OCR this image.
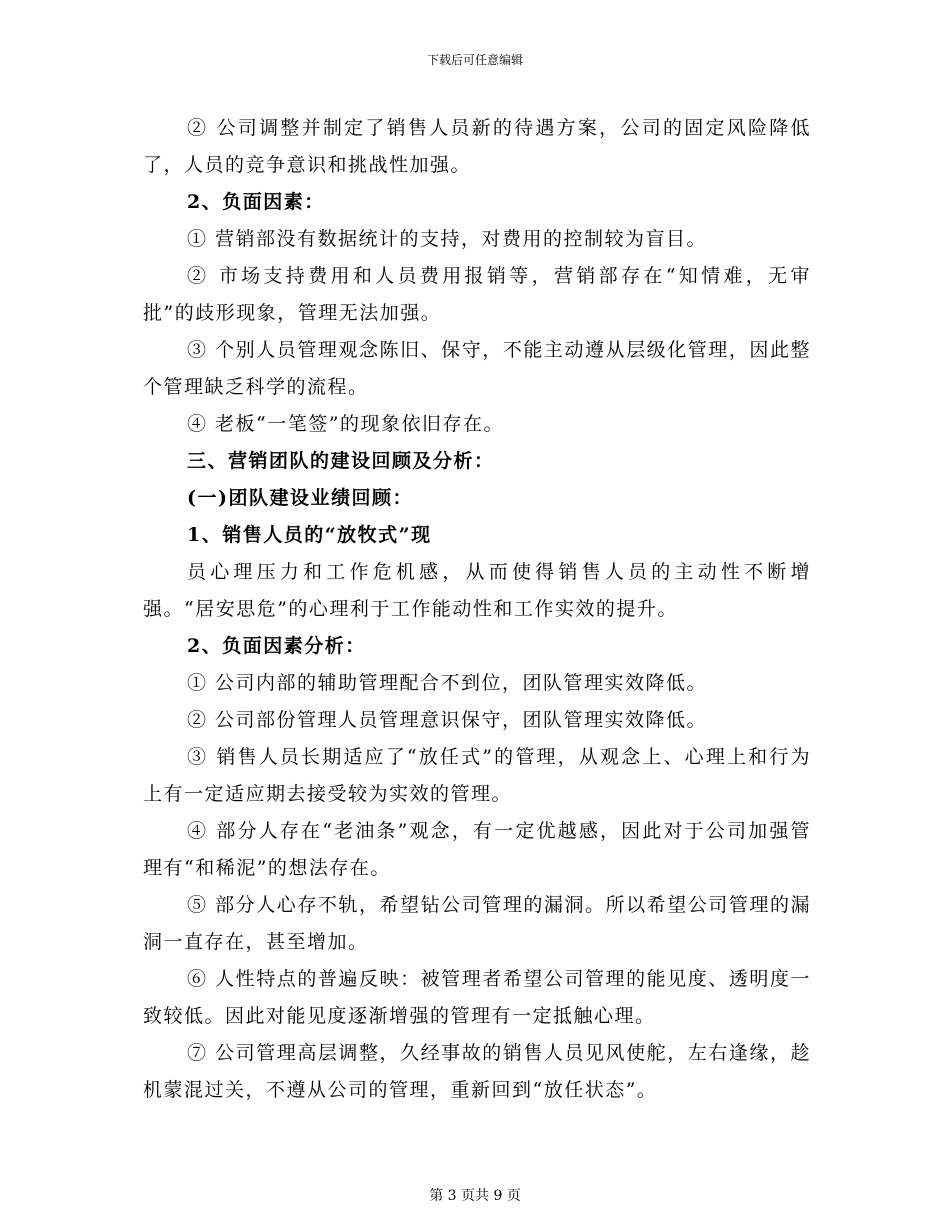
下载后可任意编辑

② 公司调整并制定了销售人员新的待遇方案，公司的固定风险降低了，人员的竞争意识和挑战性加强。

2、负面因素：

① 营销部没有数据统计的支持，对费用的控制较为盲目。

② 市场支持费用和人员费用报销等，营销部存在“知情难，无审批”的歧形现象，管理无法加强。

③ 个别人员管理观念陈旧、保守，不能主动遵从层级化管理，因此整个管理缺乏科学的流程。

④ 老板“一笔签”的现象依旧存在。

三、营销团队的建设回顾及分析：

(一)团队建设业绩回顾：

1、销售人员的“放牧式”现

员心理压力和工作危机感，从而使得销售人员的主动性不断增强。“居安思危”的心理利于工作能动性和工作实效的提升。

2、负面因素分析：

① 公司内部的辅助管理配合不到位，团队管理实效降低。

② 公司部份管理人员管理意识保守，团队管理实效降低。

③ 销售人员长期适应了“放任式”的管理，从观念上、心理上和行为上有一定适应期去接受较为实效的管理。

④ 部分人存在“老油条”观念，有一定优越感，因此对于公司加强管理有“和稀泥”的想法存在。

⑤ 部分人心存不轨，希望钻公司管理的漏洞。所以希望公司管理的漏洞一直存在，甚至增加。

⑥ 人性特点的普遍反映：被管理者希望公司管理的能见度、透明度一致较低。因此对能见度逐渐增强的管理有一定抵触心理。

⑦ 公司管理高层调整，久经事故的销售人员见风使舵，左右逢缘，趁机蒙混过关，不遵从公司的管理，重新回到“放任状态”。

第 3 页共 9 页
